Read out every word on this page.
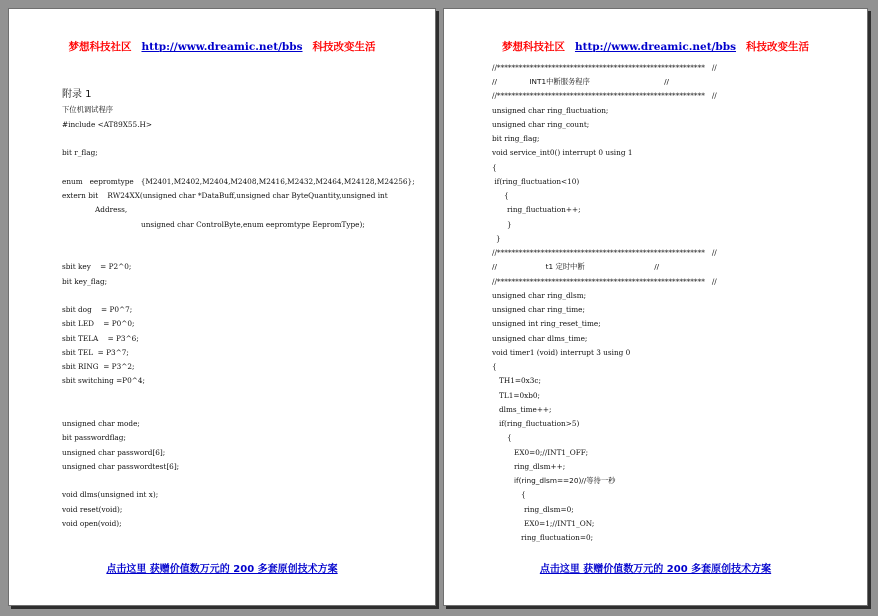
梦想科技社区 http://www.dreamic.net/bbs 科技改变生活
附录 1
下位机调试程序
#include <AT89X55.H>
bit r_flag;
enum   eepromtype   {M2401,M2402,M2404,M2408,M2416,M2432,M2464,M24128,M24256};
extern bit    RW24XX(unsigned char *DataBuff,unsigned char ByteQuantity,unsigned int
Address,
unsigned char ControlByte,enum eepromtype EepromType);
sbit key    = P2^0;
bit key_flag;
sbit dog    = P0^7;
sbit LED    = P0^0;
sbit TELA    = P3^6;
sbit TEL  = P3^7;
sbit RING  = P3^2;
sbit switching =P0^4;
unsigned char mode;
bit passwordflag;
unsigned char password[6];
unsigned char passwordtest[6];
void dlms(unsigned int x);
void reset(void);
void open(void);
点击这里 获赠价值数万元的 200 多套原创技术方案
梦想科技社区 http://www.dreamic.net/bbs 科技改变生活
//*********************************************************   //
//              INT1中断服务程序                                //
//*********************************************************   //
unsigned char ring_fluctuation;
unsigned char ring_count;
bit ring_flag;
void service_int0() interrupt 0 using 1
{
if(ring_fluctuation<10)
{
ring_fluctuation++;
}
}
//*********************************************************   //
//                     t1 定时中断                              //
//*********************************************************   //
unsigned char ring_dlsm;
unsigned char ring_time;
unsigned int ring_reset_time;
unsigned char dlms_time;
void timer1 (void) interrupt 3 using 0
{
TH1=0x3c;
TL1=0xb0;
dlms_time++;
if(ring_fluctuation>5)
{
EX0=0;//INT1_OFF;
ring_dlsm++;
if(ring_dlsm==20)//等待一秒
{
ring_dlsm=0;
EX0=1;//INT1_ON;
ring_fluctuation=0;
点击这里 获赠价值数万元的 200 多套原创技术方案
